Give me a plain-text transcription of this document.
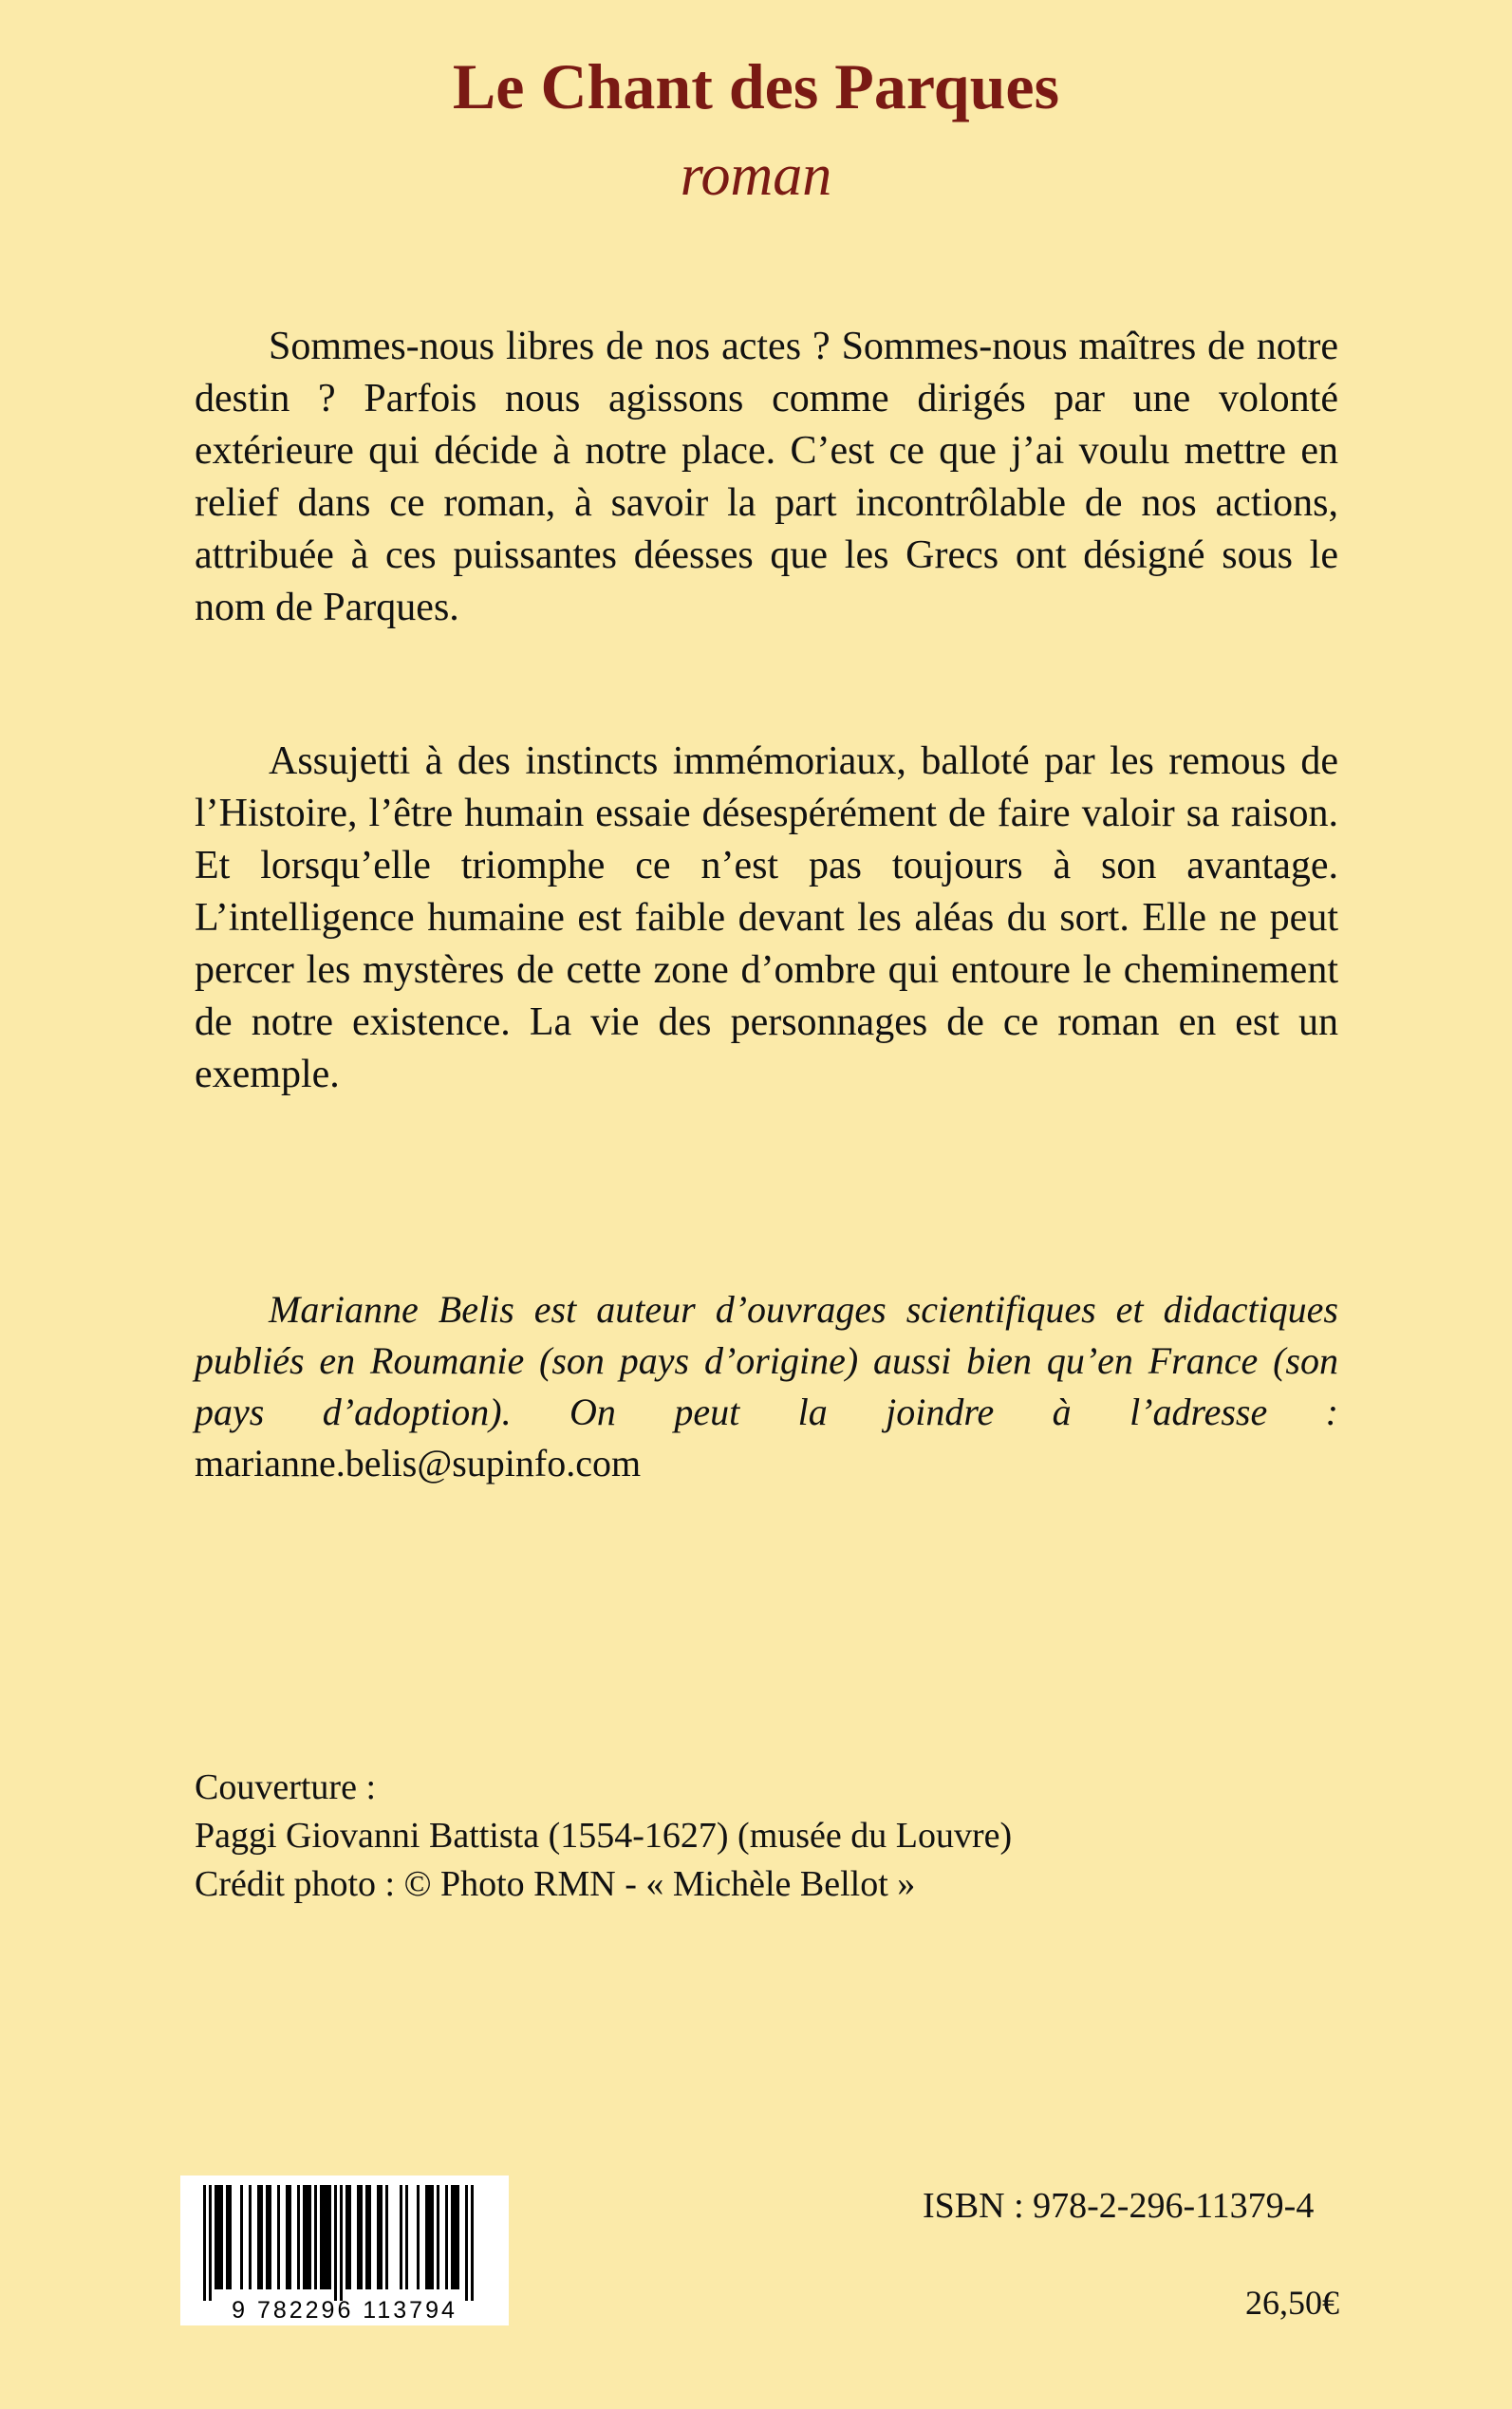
Le Chant des Parques
roman

Sommes-nous libres de nos actes ? Sommes-nous maîtres de notre destin ? Parfois nous agissons comme dirigés par une volonté extérieure qui décide à notre place. C’est ce que j’ai voulu mettre en relief dans ce roman, à savoir la part incontrôlable de nos actions, attribuée à ces puissantes déesses que les Grecs ont désigné sous le nom de Parques.

Assujetti à des instincts immémoriaux, balloté par les remous de l’Histoire, l’être humain essaie désespérément de faire valoir sa raison. Et lorsqu’elle triomphe ce n’est pas toujours à son avantage. L’intelligence humaine est faible devant les aléas du sort. Elle ne peut percer les mystères de cette zone d’ombre qui entoure le cheminement de notre existence. La vie des personnages de ce roman en est un exemple.

Marianne Belis est auteur d’ouvrages scientifiques et didactiques publiés en Roumanie (son pays d’origine) aussi bien qu’en France (son pays d’adoption). On peut la joindre à l’adresse : marianne.belis@supinfo.com

Couverture :
Paggi Giovanni Battista (1554-1627) (musée du Louvre)
Crédit photo : © Photo RMN - « Michèle Bellot »
9 782296 113794
ISBN : 978-2-296-11379-4
26,50€
